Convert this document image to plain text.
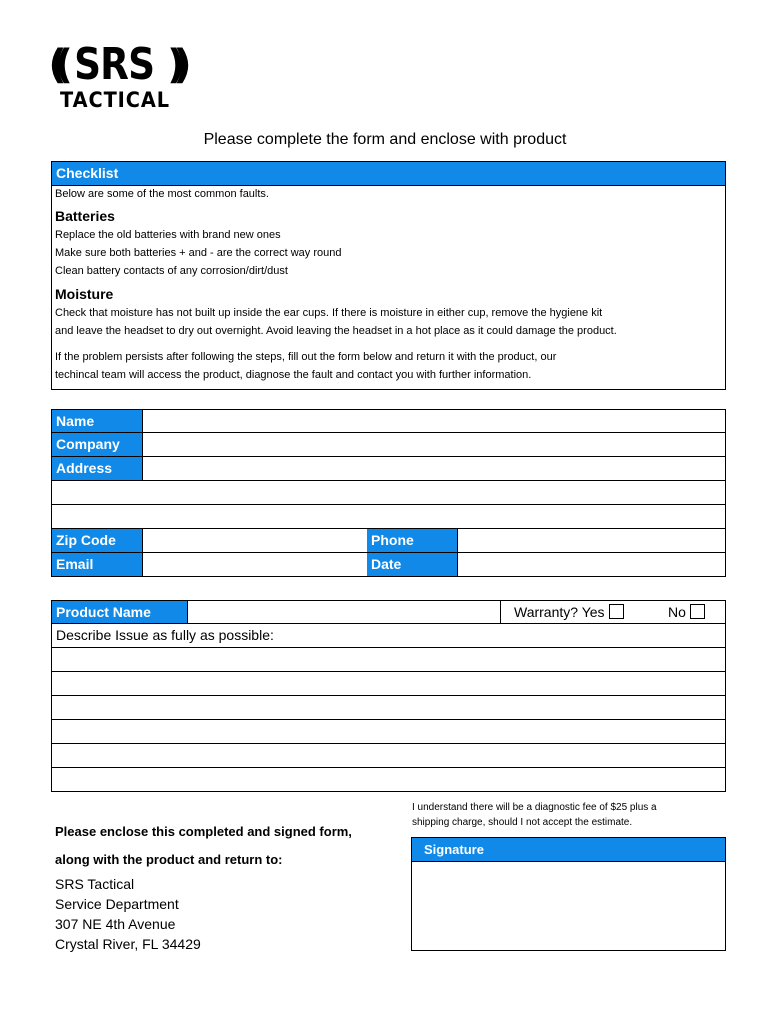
(( SRS ))
TACTICAL
Please complete the form and enclose with product
Checklist
Below are some of the most common faults.
Batteries
Replace the old batteries with brand new ones
Make sure both batteries + and - are the correct way round
Clean battery contacts of any corrosion/dirt/dust
Moisture
Check that moisture has not built up inside the ear cups. If there is moisture in either cup, remove the hygiene kit
and leave the headset to dry out overnight. Avoid leaving the headset in a hot place as it could damage the product.
If the problem persists after following the steps, fill out the form below and return it with the product, our
techincal team will access the product, diagnose the fault and contact you with further information.
Name
Company
Address
Zip Code	Phone
Email	Date
Product Name	Warranty? Yes	No
Describe Issue as fully as possible:
Please enclose this completed and signed form,
along with the product and return to:
SRS Tactical
Service Department
307 NE 4th Avenue
Crystal River, FL 34429
I understand there will be a diagnostic fee of $25 plus a
shipping charge, should I not accept the estimate.
Signature
